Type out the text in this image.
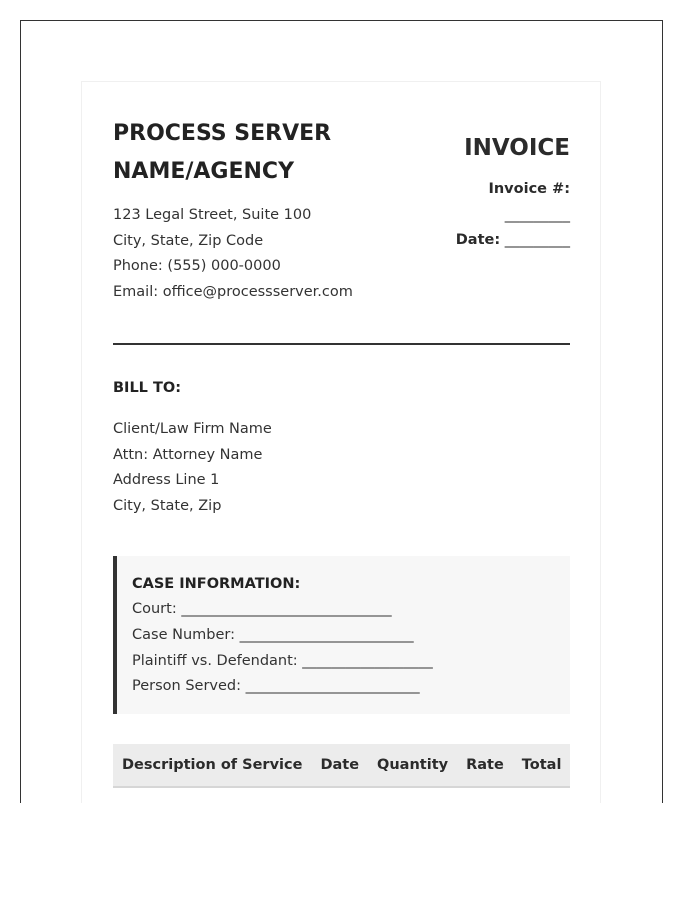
PROCESS SERVER NAME/AGENCY
123 Legal Street, Suite 100
City, State, Zip Code
Phone: (555) 000-0000
Email: office@processserver.com
INVOICE
Invoice #:
_________
Date: _________
BILL TO:
Client/Law Firm Name
Attn: Attorney Name
Address Line 1
City, State, Zip
CASE INFORMATION:
Court: _____________________________
Case Number: ________________________
Plaintiff vs. Defendant: __________________
Person Served: ________________________
Description of Service	Date	Quantity	Rate	Total
